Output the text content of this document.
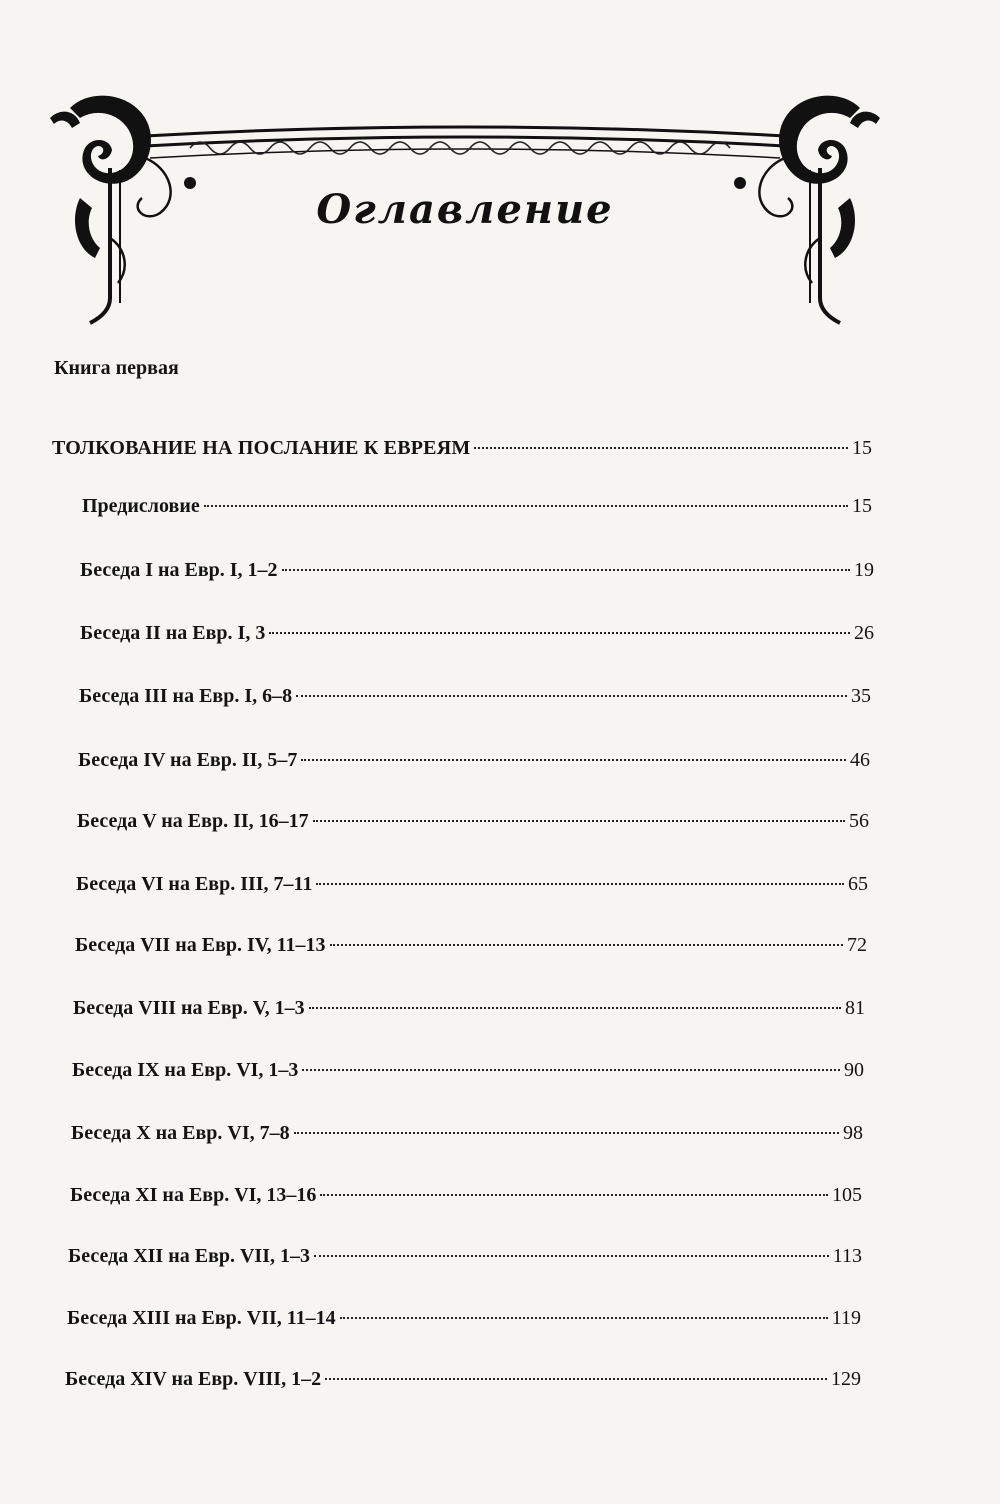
Оглавление
Книга первая
ТОЛКОВАНИЕ НА ПОСЛАНИЕ К ЕВРЕЯМ	15
Предисловие	15
Беседа I на Евр. I, 1–2	19
Беседа II на Евр. I, 3	26
Беседа III на Евр. I, 6–8	35
Беседа IV на Евр. II, 5–7	46
Беседа V на Евр. II, 16–17	56
Беседа VI на Евр. III, 7–11	65
Беседа VII на Евр. IV, 11–13	72
Беседа VIII на Евр. V, 1–3	81
Беседа IX на Евр. VI, 1–3	90
Беседа X на Евр. VI, 7–8	98
Беседа XI на Евр. VI, 13–16	105
Беседа XII на Евр. VII, 1–3	113
Беседа XIII на Евр. VII, 11–14	119
Беседа XIV на Евр. VIII, 1–2	129
